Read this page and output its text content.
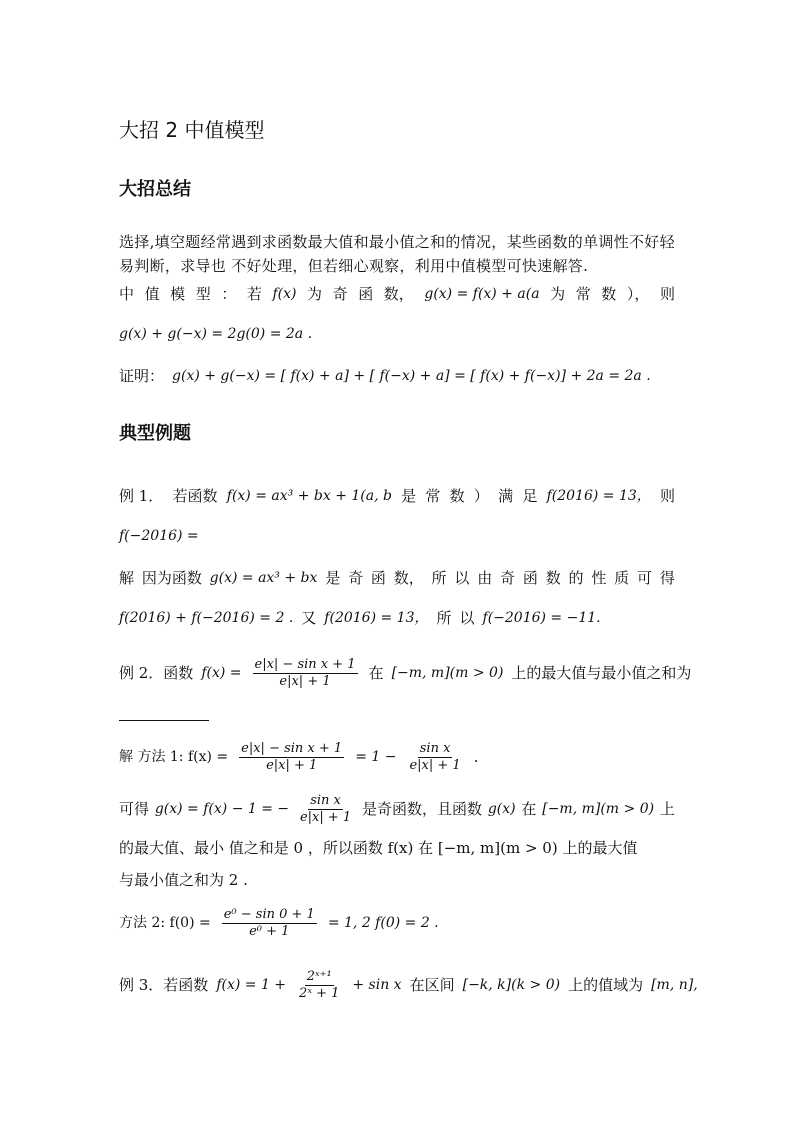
大招 2 中值模型
大招总结
选择,填空题经常遇到求函数最大值和最小值之和的情况，某些函数的单调性不好轻易判断，求导也 不好处理，但若细心观察，利用中值模型可快速解答.
中 值 模 型 ： 若 f(x) 为 奇 函 数， g(x) = f(x) + a(a 为 常 数 ）， 则
g(x) + g(−x) = 2g(0) = 2a .
证明： g(x) + g(−x) = [ f(x) + a] + [ f(−x) + a] = [ f(x) + f(−x)] + 2a = 2a .
典型例题
例 1． 若函数 f(x) = ax³ + bx + 1(a, b 是 常 数 ） 满 足 f(2016) = 13， 则
f(−2016) =
解 因为函数 g(x) = ax³ + bx 是 奇 函 数， 所 以 由 奇 函 数 的 性 质 可 得
f(2016) + f(−2016) = 2 . 又 f(2016) = 13， 所 以 f(−2016) = −11.
例 2．函数 $f(x) = \frac{\text{e|x| − sin x + 1}}{e|x| + 1}$ 在 [−m, m](m > 0) 上的最大值与最小值之和为
解 方法 1: $f(x) = \frac{\text{e|x| − sin x + 1}}{e|x| + 1} = 1 - \frac{\text{sin x}}{e|x| + 1}$ .
可得 g(x) = f(x) − 1 = − $\frac{\text{sin x}}{e|x| + 1}$ 是奇函数，且函数 g(x) 在 [−m, m](m > 0) 上
的最大值、最小 值之和是 0 ，所以函数 f(x) 在 [−m, m](m > 0) 上的最大值
与最小值之和为 2 .
方法 2: $f(0) = \frac{\text{e⁰ − sin 0 + 1}}{\text{e⁰ + 1}} = 1$, 2 f(0) = 2 .
例 3．若函数 $f(x) = 1 + \frac{\text{2ˣ⁺¹}}{\text{2ˣ + 1}} + \sin x$ 在区间 [−k, k](k > 0) 上的值域为 [m, n],
